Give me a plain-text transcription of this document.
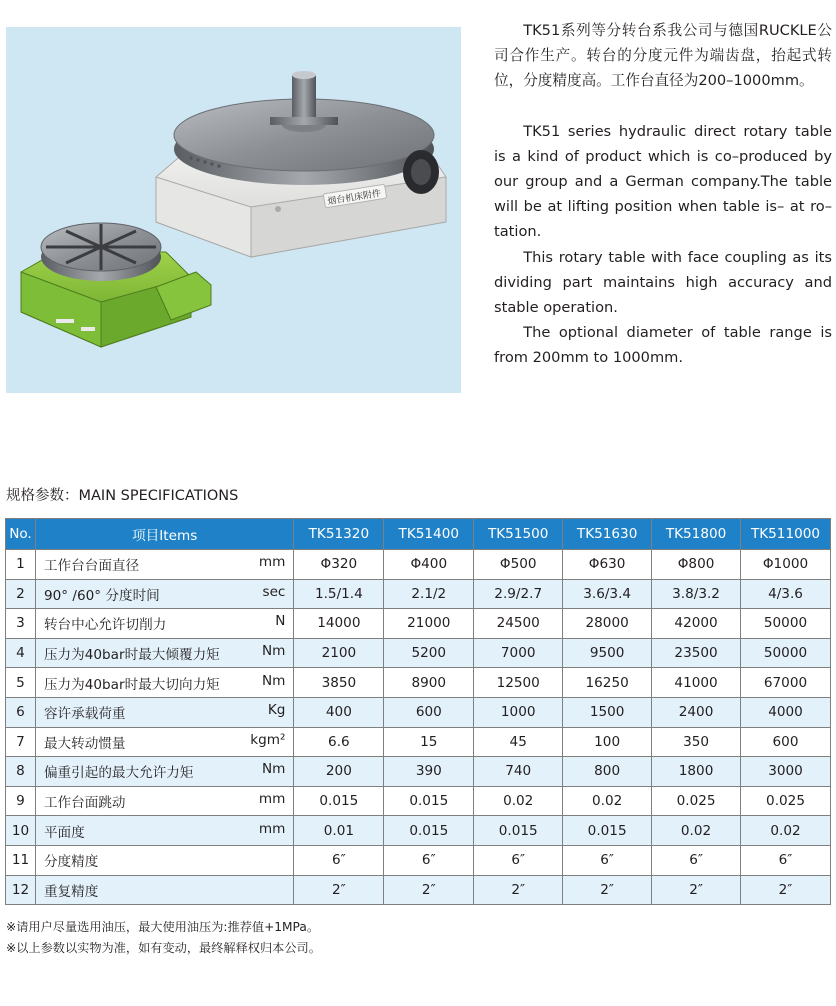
烟台机床附件

TK51系列等分转台系我公司与德国RUCKLE公司合作生产。转台的分度元件为端齿盘，抬起式转位，分度精度高。工作台直径为200–1000mm。

TK51 series hydraulic direct rotary table is a kind of product which is co–produced by our group and a German company.The table will be at lifting position when table is– at ro–tation.

This rotary table with face coupling as its dividing part maintains high accuracy and stable operation.

The optional diameter of table range is from 200mm to 1000mm.

规格参数：MAIN SPECIFICATIONS
No.	项目Items	TK51320	TK51400	TK51500	TK51630	TK51800	TK511000
1	工作台台面直径 mm	Φ320	Φ400	Φ500	Φ630	Φ800	Φ1000
2	90° /60° 分度时间 sec	1.5/1.4	2.1/2	2.9/2.7	3.6/3.4	3.8/3.2	4/3.6
3	转台中心允许切削力 N	14000	21000	24500	28000	42000	50000
4	压力为40bar时最大倾覆力矩 Nm	2100	5200	7000	9500	23500	50000
5	压力为40bar时最大切向力矩 Nm	3850	8900	12500	16250	41000	67000
6	容许承载荷重 Kg	400	600	1000	1500	2400	4000
7	最大转动惯量 kgm²	6.6	15	45	100	350	600
8	偏重引起的最大允许力矩 Nm	200	390	740	800	1800	3000
9	工作台面跳动 mm	0.015	0.015	0.02	0.02	0.025	0.025
10	平面度 mm	0.01	0.015	0.015	0.015	0.02	0.02
11	分度精度	6″	6″	6″	6″	6″	6″
12	重复精度	2″	2″	2″	2″	2″	2″
※请用户尽量选用油压，最大使用油压为:推荐值+1MPa。
※以上参数以实物为准，如有变动，最终解释权归本公司。
